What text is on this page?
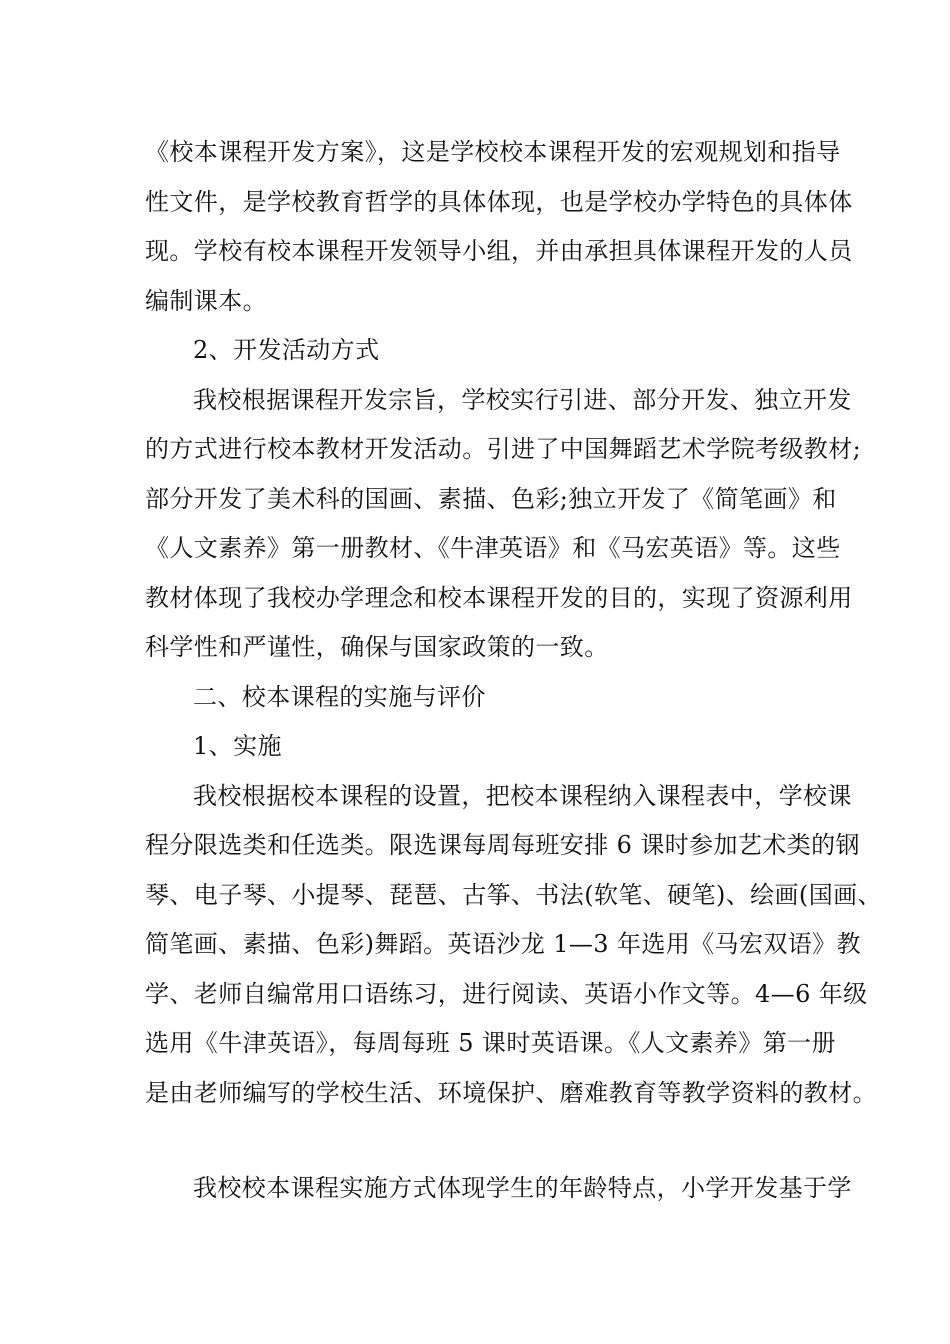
《校本课程开发方案》，这是学校校本课程开发的宏观规划和指导
性文件，是学校教育哲学的具体体现，也是学校办学特色的具体体
现。学校有校本课程开发领导小组，并由承担具体课程开发的人员
编制课本。
2、开发活动方式
我校根据课程开发宗旨，学校实行引进、部分开发、独立开发
的方式进行校本教材开发活动。引进了中国舞蹈艺术学院考级教材;
部分开发了美术科的国画、素描、色彩;独立开发了《简笔画》和
《人文素养》第一册教材、《牛津英语》和《马宏英语》等。这些
教材体现了我校办学理念和校本课程开发的目的，实现了资源利用
科学性和严谨性，确保与国家政策的一致。
二、校本课程的实施与评价
1、实施
我校根据校本课程的设置，把校本课程纳入课程表中，学校课
程分限选类和任选类。限选课每周每班安排 6 课时参加艺术类的钢
琴、电子琴、小提琴、琵琶、古筝、书法(软笔、硬笔)、绘画(国画、
简笔画、素描、色彩)舞蹈。英语沙龙 1—3 年选用《马宏双语》教
学、老师自编常用口语练习，进行阅读、英语小作文等。4—6 年级
选用《牛津英语》，每周每班 5 课时英语课。《人文素养》第一册
是由老师编写的学校生活、环境保护、磨难教育等教学资料的教材。
我校校本课程实施方式体现学生的年龄特点，小学开发基于学
